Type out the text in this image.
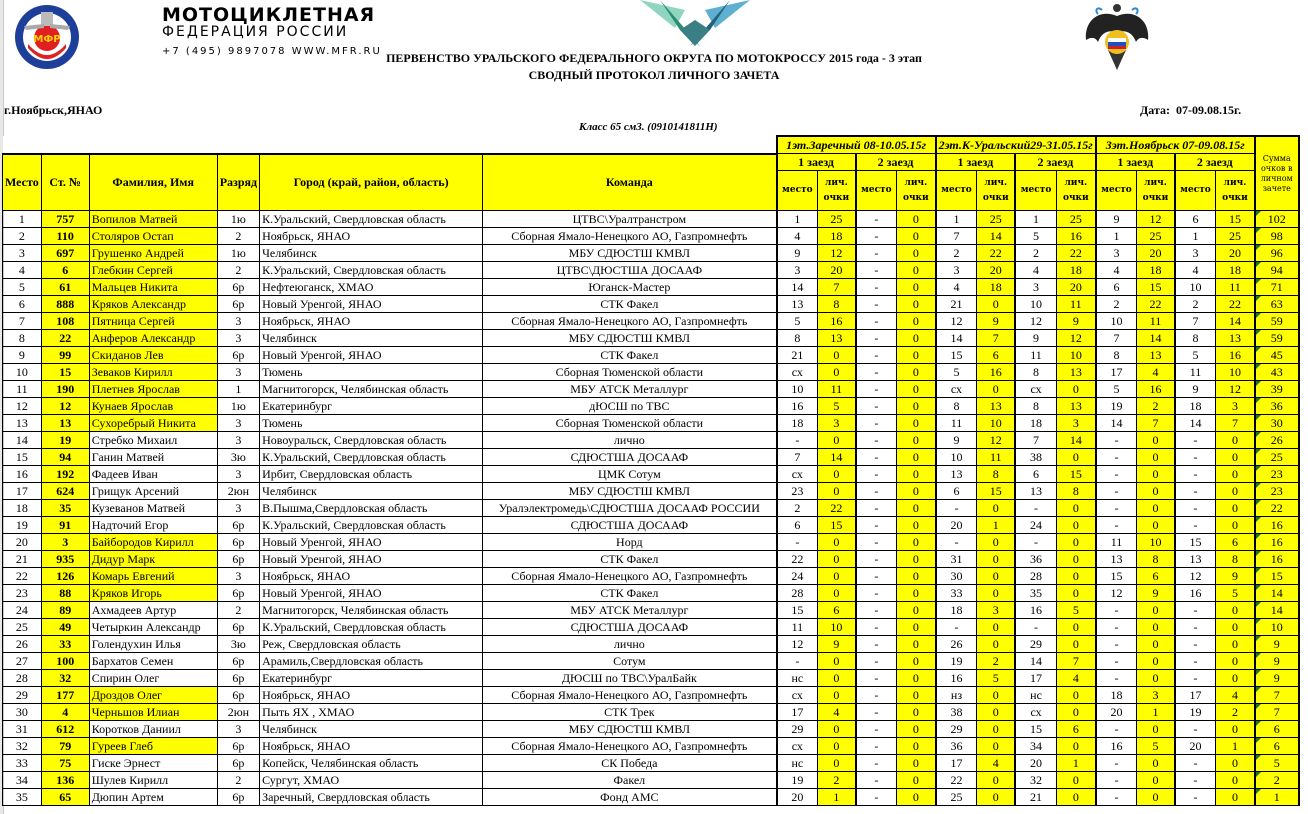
МФР
МОТОЦИКЛЕТНАЯ
ФЕДЕРАЦИЯ РОССИИ
+7 (495) 9897078 WWW.MFR.RU ПЕРВЕНСТВО УРАЛЬСКОГО ФЕДЕРАЛЬНОГО ОКРУГА ПО МОТОКРОССУ 2015 года - 3 этап
СВОДНЫЙ ПРОТОКОЛ ЛИЧНОГО ЗАЧЕТА
г.Ноябрьск,ЯНАО	Дата: 07-09.08.15г.
Класс 65 см3. (0910141811Н)
						1эт.Заречный 08-10.05.15г				2эт.К-Уральский29-31.05.15г				3эт.Ноябрьск 07-09.08.15г				Сумма очков в личном зачете

Место	Ст. №	Фамилия, Имя	Разряд	Город (край, район, область)	Команда	1 заезд		2 заезд		1 заезд		2 заезд		1 заезд		2 заезд		
						место	лич. очки	место	лич. очки	место	лич. очки	место	лич. очки	место	лич. очки	место	лич. очки	
1	757	Вопилов Матвей	1ю	К.Уральский, Свердловская область	ЦТВС\Уралтранстром	1	25	-	0	1	25	1	25	9	12	6	15	102
2	110	Столяров Остап	2	Ноябрьск, ЯНАО	Сборная Ямало-Ненецкого АО, Газпромнефть	4	18	-	0	7	14	5	16	1	25	1	25	98
3	697	Грушенко Андрей	1ю	Челябинск	МБУ СДЮСТШ КМВЛ	9	12	-	0	2	22	2	22	3	20	3	20	96
4	6	Глебкин Сергей	2	К.Уральский, Свердловская область	ЦТВС\ДЮСТША ДОСААФ	3	20	-	0	3	20	4	18	4	18	4	18	94
5	61	Мальцев Никита	6р	Нефтеюганск, ХМАО	Юганск-Мастер	14	7	-	0	4	18	3	20	6	15	10	11	71
6	888	Кряков Александр	6р	Новый Уренгой, ЯНАО	СТК Факел	13	8	-	0	21	0	10	11	2	22	2	22	63
7	108	Пятница Сергей	3	Ноябрьск, ЯНАО	Сборная Ямало-Ненецкого АО, Газпромнефть	5	16	-	0	12	9	12	9	10	11	7	14	59
8	22	Анферов Александр	3	Челябинск	МБУ СДЮСТШ КМВЛ	8	13	-	0	14	7	9	12	7	14	8	13	59
9	99	Скиданов Лев	6р	Новый Уренгой, ЯНАО	СТК Факел	21	0	-	0	15	6	11	10	8	13	5	16	45
10	15	Зеваков Кирилл	3	Тюмень	Сборная Тюменской области	сх	0	-	0	5	16	8	13	17	4	11	10	43
11	190	Плетнев Ярослав	1	Магнитогорск, Челябинская область	МБУ АТСК Металлург	10	11	-	0	сх	0	сх	0	5	16	9	12	39
12	12	Кунаев Ярослав	1ю	Екатеринбург	дЮСШ по ТВС	16	5	-	0	8	13	8	13	19	2	18	3	36
13	13	Сухоребрый Никита	3	Тюмень	Сборная Тюменской области	18	3	-	0	11	10	18	3	14	7	14	7	30
14	19	Стребко Михаил	3	Новоуральск, Свердловская область	лично	-	0	-	0	9	12	7	14	-	0	-	0	26
15	94	Ганин Матвей	3ю	К.Уральский, Свердловская область	СДЮСТША ДОСААФ	7	14	-	0	10	11	38	0	-	0	-	0	25
16	192	Фадеев Иван	3	Ирбит, Свердловская область	ЦМК Сотум	сх	0	-	0	13	8	6	15	-	0	-	0	23
17	624	Грищук Арсений	2юн	Челябинск	МБУ СДЮСТШ КМВЛ	23	0	-	0	6	15	13	8	-	0	-	0	23
18	35	Кузеванов Матвей	3	В.Пышма,Свердловская область	Уралэлектромедь\СДЮСТША ДОСААФ РОССИИ	2	22	-	0	-	0	-	0	-	0	-	0	22
19	91	Надточий Егор	6р	К.Уральский, Свердловская область	СДЮСТША ДОСААФ	6	15	-	0	20	1	24	0	-	0	-	0	16
20	3	Байбородов Кирилл	6р	Новый Уренгой, ЯНАО	Норд	-	0	-	0	-	0	-	0	11	10	15	6	16
21	935	Дидур Марк	6р	Новый Уренгой, ЯНАО	СТК Факел	22	0	-	0	31	0	36	0	13	8	13	8	16
22	126	Комарь Евгений	3	Ноябрьск, ЯНАО	Сборная Ямало-Ненецкого АО, Газпромнефть	24	0	-	0	30	0	28	0	15	6	12	9	15
23	88	Кряков Игорь	6р	Новый Уренгой, ЯНАО	СТК Факел	28	0	-	0	33	0	35	0	12	9	16	5	14
24	89	Ахмадеев Артур	2	Магнитогорск, Челябинская область	МБУ АТСК Металлург	15	6	-	0	18	3	16	5	-	0	-	0	14
25	49	Четыркин Александр	6р	К.Уральский, Свердловская область	СДЮСТША ДОСААФ	11	10	-	0	-	0	-	0	-	0	-	0	10
26	33	Голендухин Илья	3ю	Реж, Свердловская область	лично	12	9	-	0	26	0	29	0	-	0	-	0	9
27	100	Бархатов Семен	6р	Арамиль,Свердловская область	Сотум	-	0	-	0	19	2	14	7	-	0	-	0	9
28	32	Спирин Олег	6р	Екатеринбург	ДЮСШ по ТВС\УралБайк	нс	0	-	0	16	5	17	4	-	0	-	0	9
29	177	Дроздов Олег	6р	Ноябрьск, ЯНАО	Сборная Ямало-Ненецкого АО, Газпромнефть	сх	0	-	0	нз	0	нс	0	18	3	17	4	7
30	4	Черньшов Илиан	2юн	Пыть ЯХ , ХМАО	СТК Трек	17	4	-	0	38	0	сх	0	20	1	19	2	7
31	612	Коротков Даниил	3	Челябинск	МБУ СДЮСТШ КМВЛ	29	0	-	0	29	0	15	6	-	0	-	0	6
32	79	Гуреев Глеб	6р	Ноябрьск, ЯНАО	Сборная Ямало-Ненецкого АО, Газпромнефть	сх	0	-	0	36	0	34	0	16	5	20	1	6
33	75	Гиске Эрнест	6р	Копейск, Челябинская область	СК Победа	нс	0	-	0	17	4	20	1	-	0	-	0	5
34	136	Шулев Кирилл	2	Сургут, ХМАО	Факел	19	2	-	0	22	0	32	0	-	0	-	0	2
35	65	Дюпин Артем	6р	Заречный, Свердловская область	Фонд АМС	20	1	-	0	25	0	21	0	-	0	-	0	1
